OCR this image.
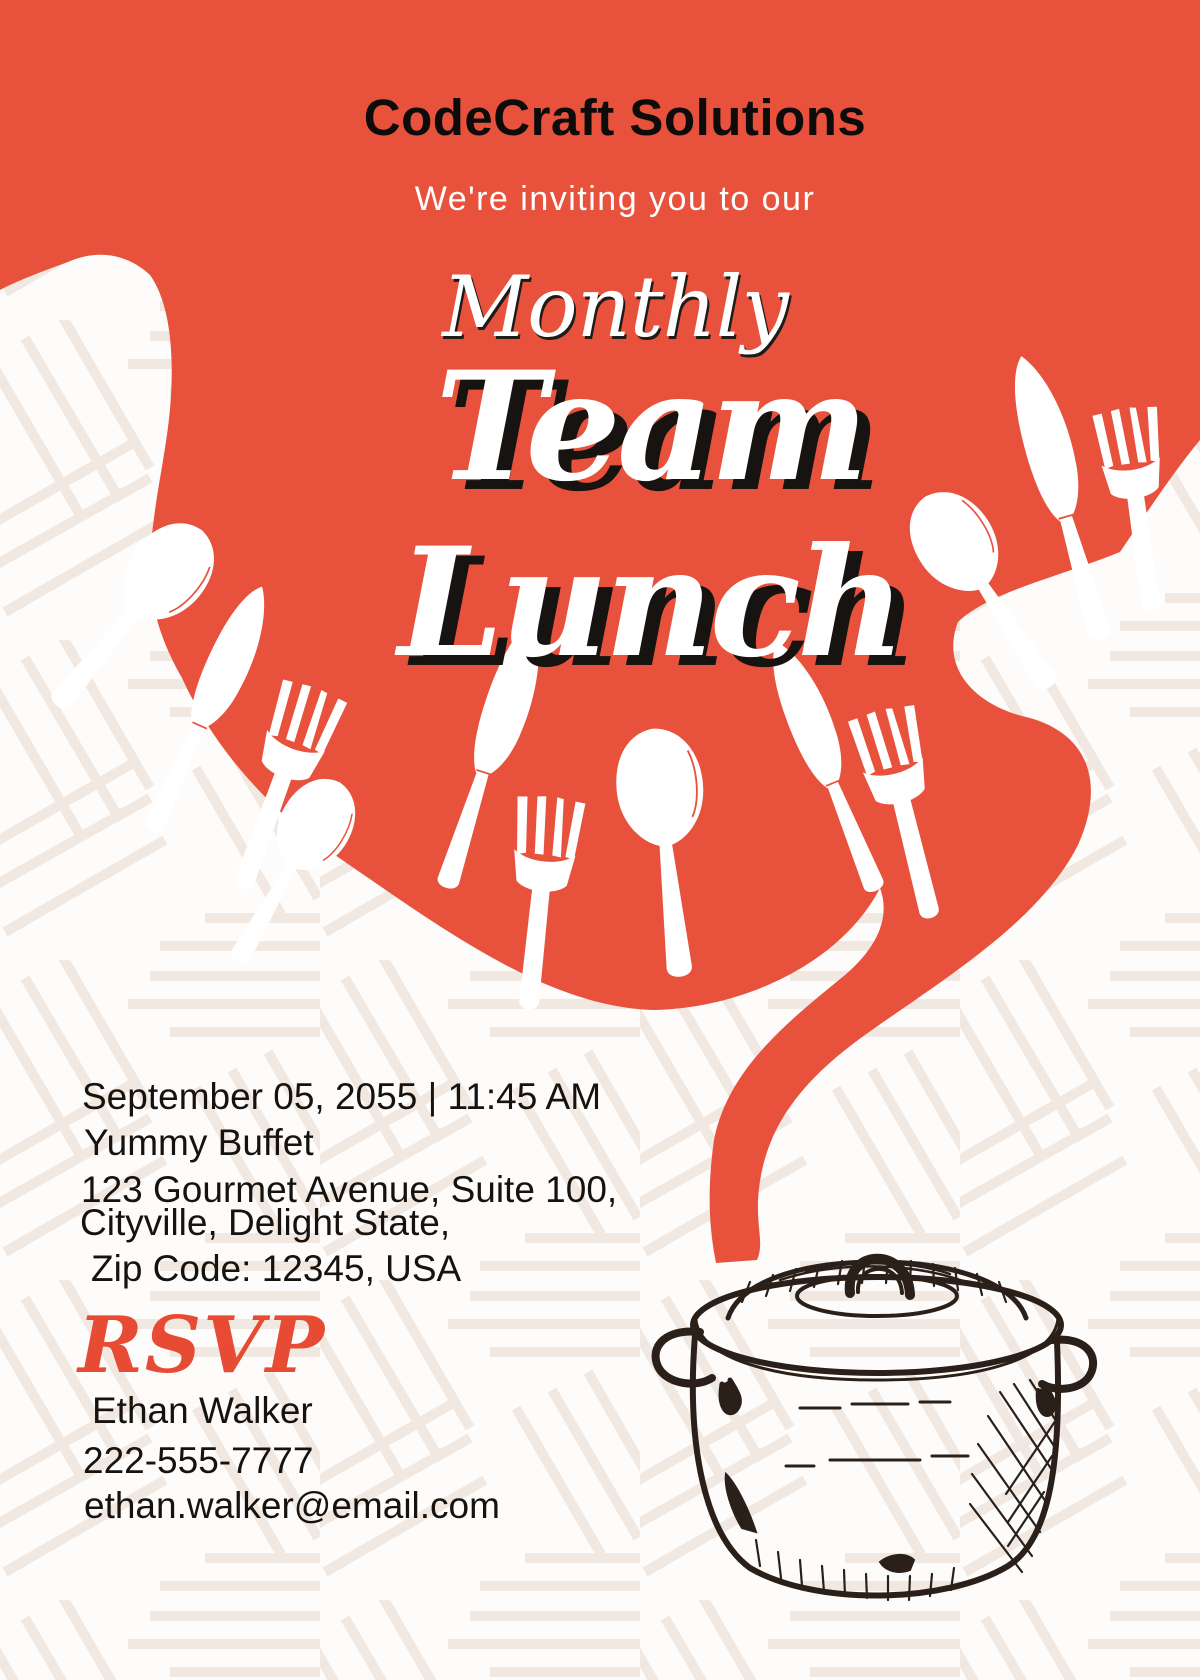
CodeCraft Solutions
We're inviting you to our
Monthly
Team
Lunch
September 05, 2055 | 11:45 AM
Yummy Buffet
123 Gourmet Avenue, Suite 100,
Cityville, Delight State,
Zip Code: 12345, USA
RSVP
Ethan Walker
222-555-7777
ethan.walker@email.com
